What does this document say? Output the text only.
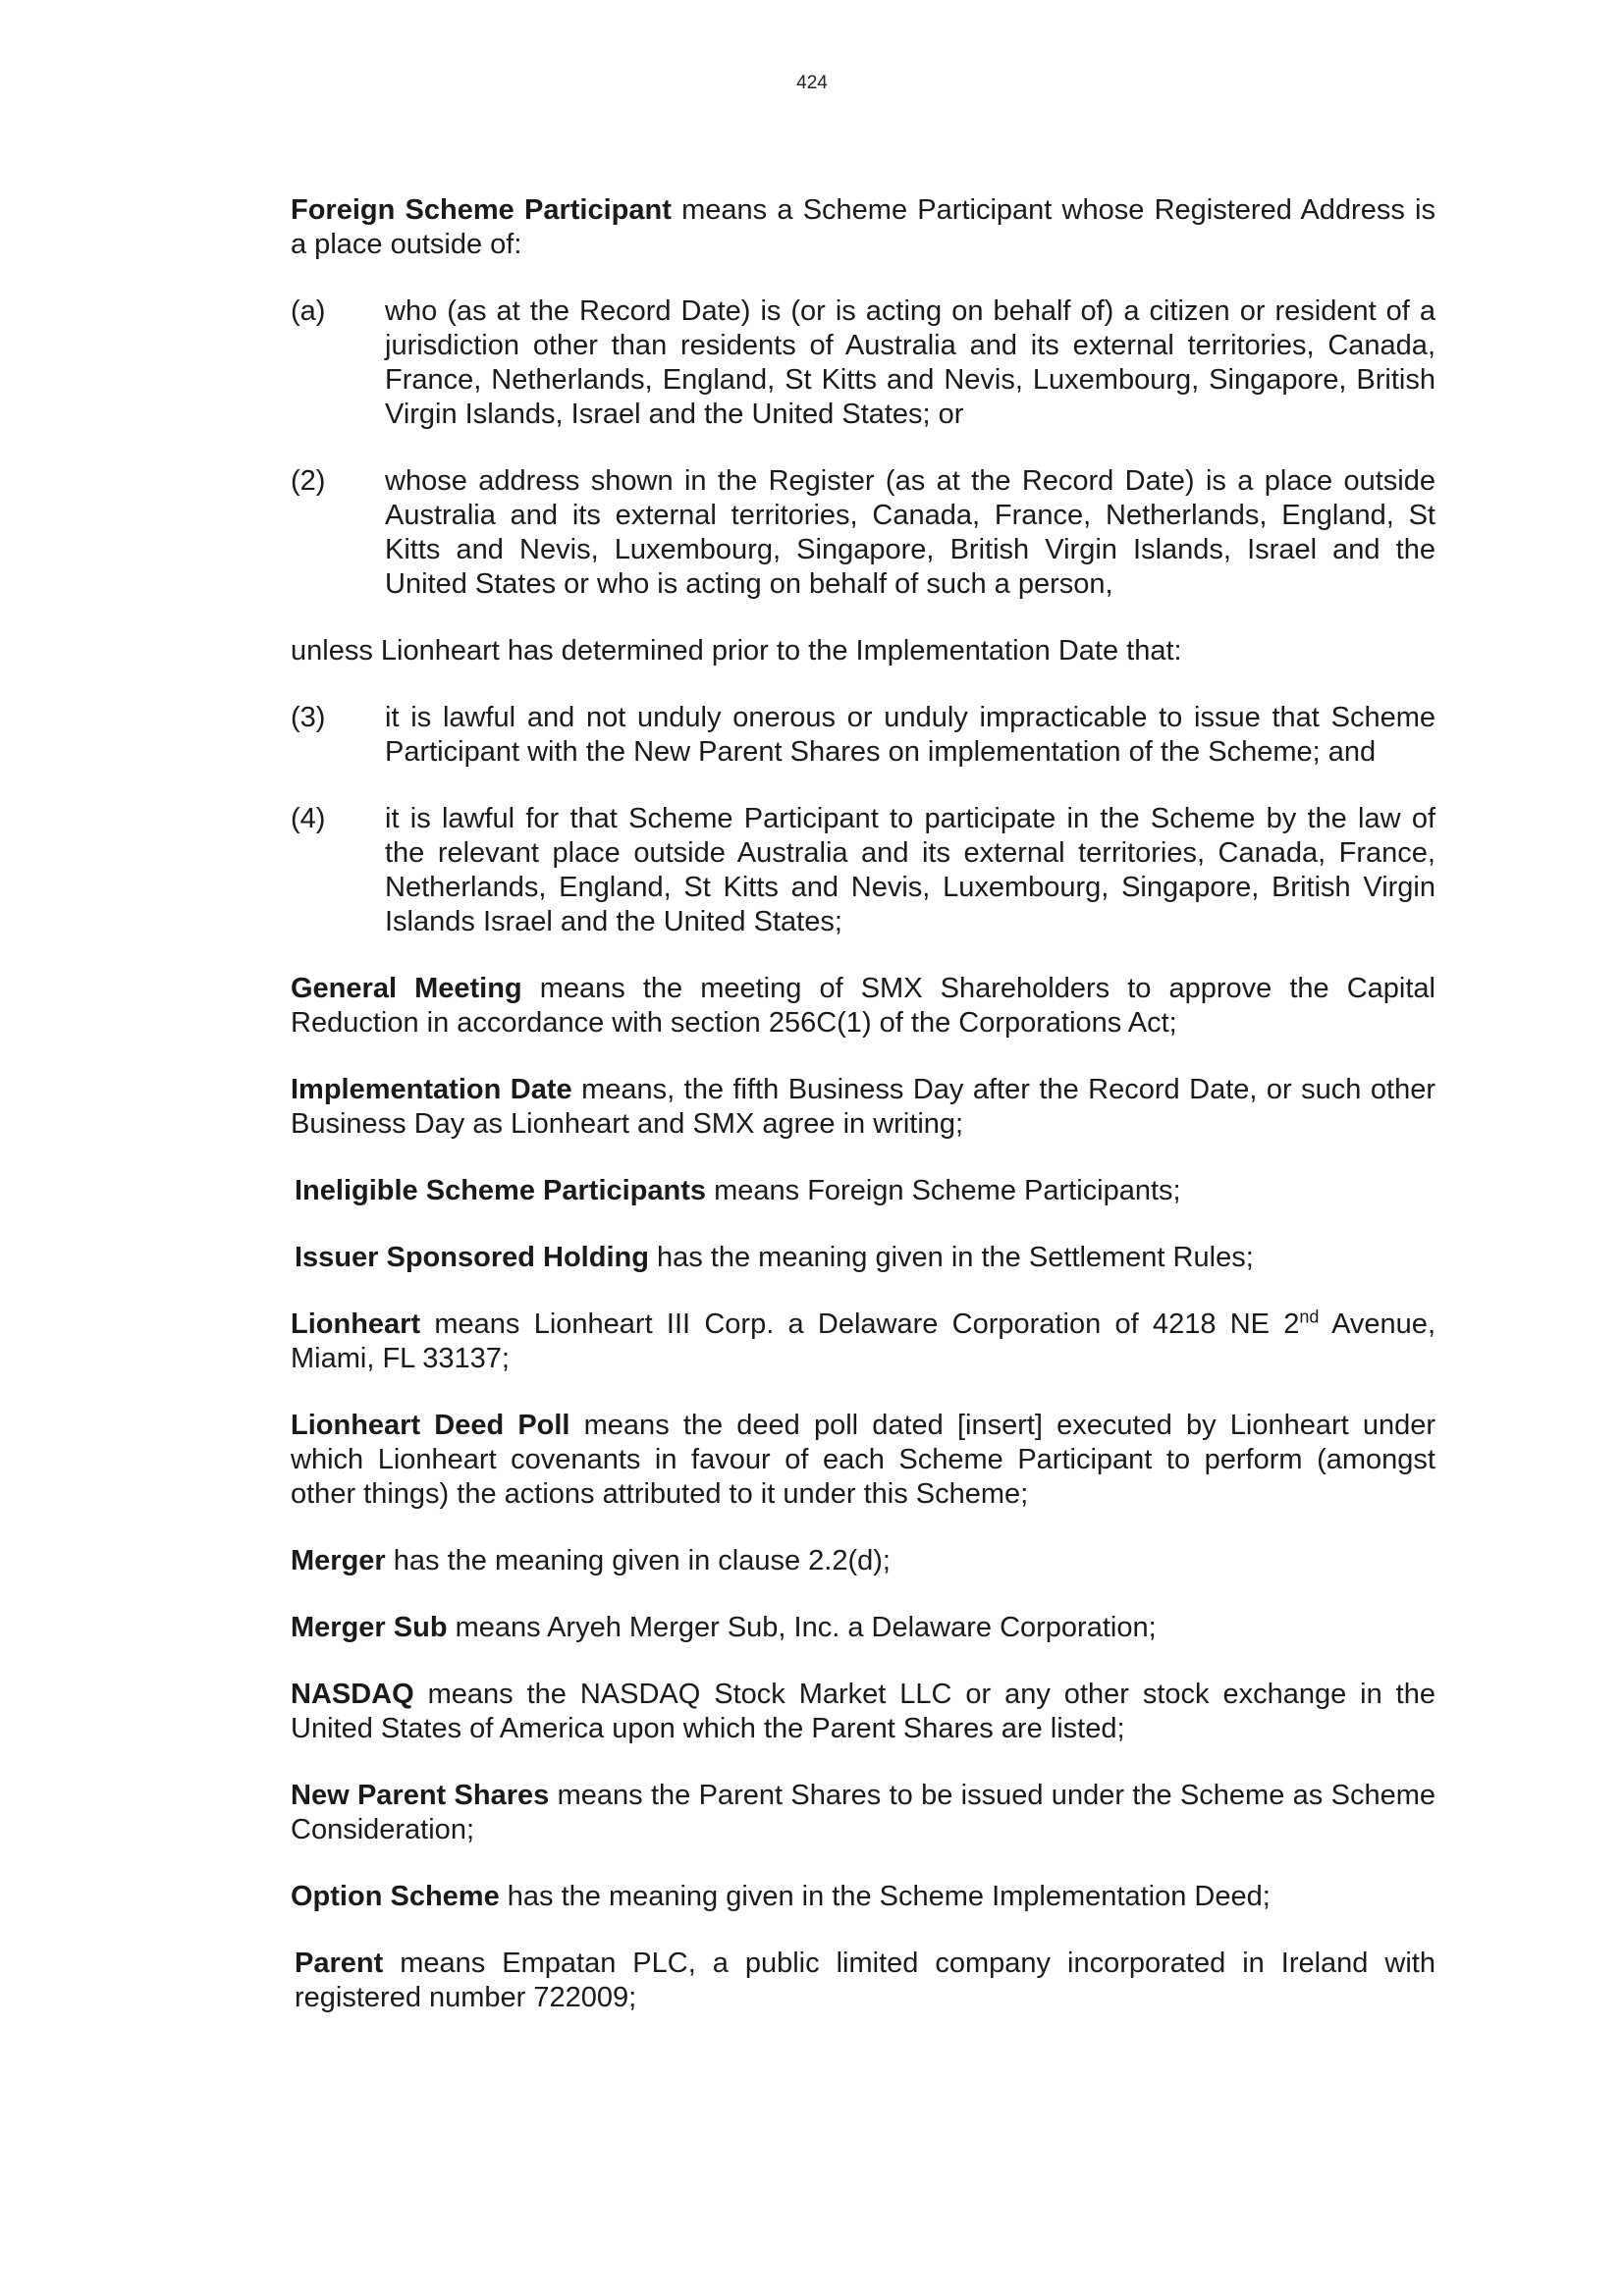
424

Foreign Scheme Participant means a Scheme Participant whose Registered Address is a place outside of:

(a)	who (as at the Record Date) is (or is acting on behalf of) a citizen or resident of a jurisdiction other than residents of Australia and its external territories, Canada, France, Netherlands, England, St Kitts and Nevis, Luxembourg, Singapore, British Virgin Islands, Israel and the United States; or
(2)	whose address shown in the Register (as at the Record Date) is a place outside Australia and its external territories, Canada, France, Netherlands, England, St Kitts and Nevis, Luxembourg, Singapore, British Virgin Islands, Israel and the United States or who is acting on behalf of such a person,

unless Lionheart has determined prior to the Implementation Date that:

(3)	it is lawful and not unduly onerous or unduly impracticable to issue that Scheme Participant with the New Parent Shares on implementation of the Scheme; and
(4)	it is lawful for that Scheme Participant to participate in the Scheme by the law of the relevant place outside Australia and its external territories, Canada, France, Netherlands, England, St Kitts and Nevis, Luxembourg, Singapore, British Virgin Islands Israel and the United States;

General Meeting means the meeting of SMX Shareholders to approve the Capital Reduction in accordance with section 256C(1) of the Corporations Act;

Implementation Date means, the fifth Business Day after the Record Date, or such other Business Day as Lionheart and SMX agree in writing;

Ineligible Scheme Participants means Foreign Scheme Participants;

Issuer Sponsored Holding has the meaning given in the Settlement Rules;

Lionheart means Lionheart III Corp. a Delaware Corporation of 4218 NE 2nd Avenue, Miami, FL 33137;

Lionheart Deed Poll means the deed poll dated [insert] executed by Lionheart under which Lionheart covenants in favour of each Scheme Participant to perform (amongst other things) the actions attributed to it under this Scheme;

Merger has the meaning given in clause 2.2(d);

Merger Sub means Aryeh Merger Sub, Inc. a Delaware Corporation;

NASDAQ means the NASDAQ Stock Market LLC or any other stock exchange in the United States of America upon which the Parent Shares are listed;

New Parent Shares means the Parent Shares to be issued under the Scheme as Scheme Consideration;

Option Scheme has the meaning given in the Scheme Implementation Deed;

Parent means Empatan PLC, a public limited company incorporated in Ireland with registered number 722009;
